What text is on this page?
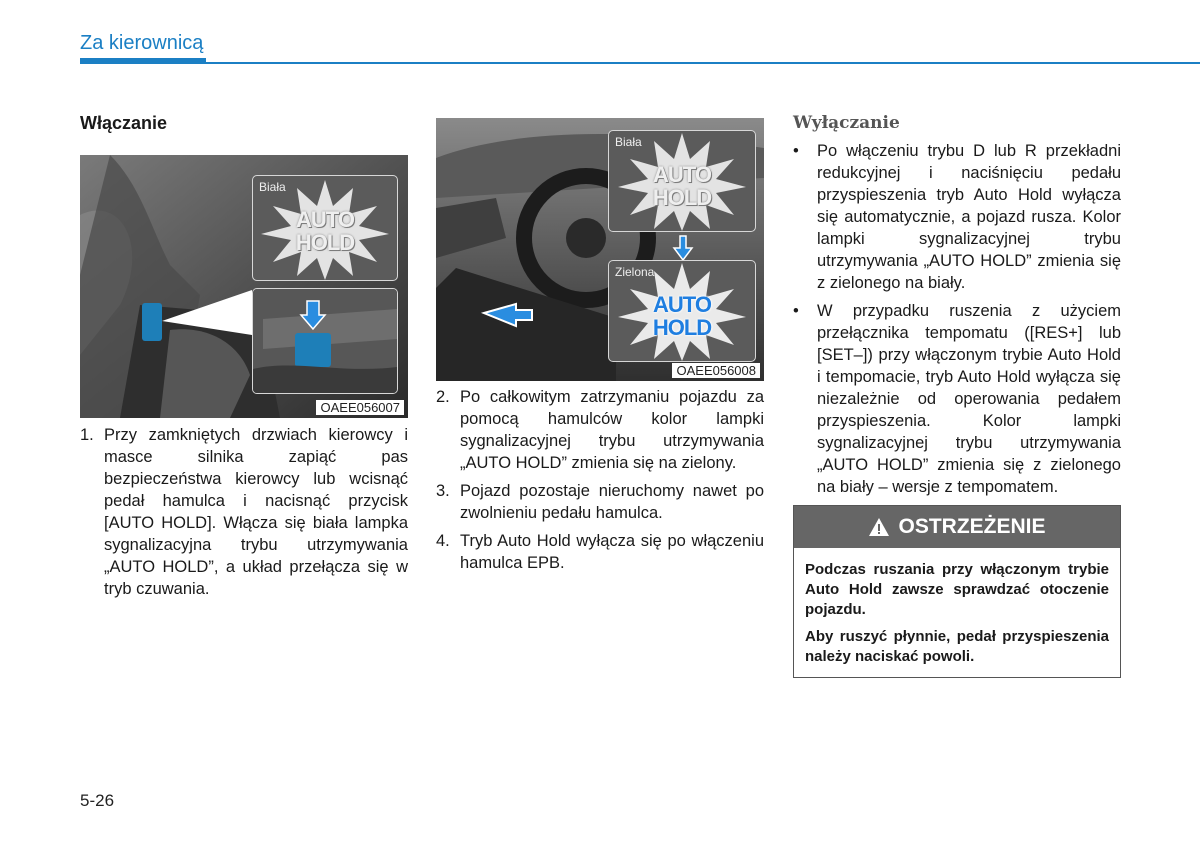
Za kierownicą
Włączanie
Biała
AUTO
HOLD
OAEE056007
1. Przy zamkniętych drzwiach kierowcy i masce silnika zapiąć pas bezpieczeństwa kierowcy lub wcisnąć pedał hamulca i nacisnąć przycisk [AUTO HOLD]. Włącza się biała lampka sygnalizacyjna trybu utrzymywania „AUTO HOLD”, a układ przełącza się w tryb czuwania.
Biała
AUTO
HOLD
Zielona
AUTO
HOLD
OAEE056008
2. Po całkowitym zatrzymaniu pojazdu za pomocą hamulców kolor lampki sygnalizacyjnej trybu utrzymywania „AUTO HOLD” zmienia się na zielony.
3. Pojazd pozostaje nieruchomy nawet po zwolnieniu pedału hamulca.
4. Tryb Auto Hold wyłącza się po włączeniu hamulca EPB.
Wyłączanie
• Po włączeniu trybu D lub R przekładni redukcyjnej i naciśnięciu pedału przyspieszenia tryb Auto Hold wyłącza się automatycznie, a pojazd rusza. Kolor lampki sygnalizacyjnej trybu utrzymywania „AUTO HOLD” zmienia się z zielonego na biały.
• W przypadku ruszenia z użyciem przełącznika tempomatu ([RES+] lub [SET–]) przy włączonym trybie Auto Hold i tempomacie, tryb Auto Hold wyłącza się niezależnie od operowania pedałem przyspieszenia. Kolor lampki sygnalizacyjnej trybu utrzymywania „AUTO HOLD” zmienia się z zielonego na biały – wersje z tempomatem.
OSTRZEŻENIE

Podczas ruszania przy włączonym trybie Auto Hold zawsze sprawdzać otoczenie pojazdu.

Aby ruszyć płynnie, pedał przyspieszenia należy naciskać powoli.

5-26
